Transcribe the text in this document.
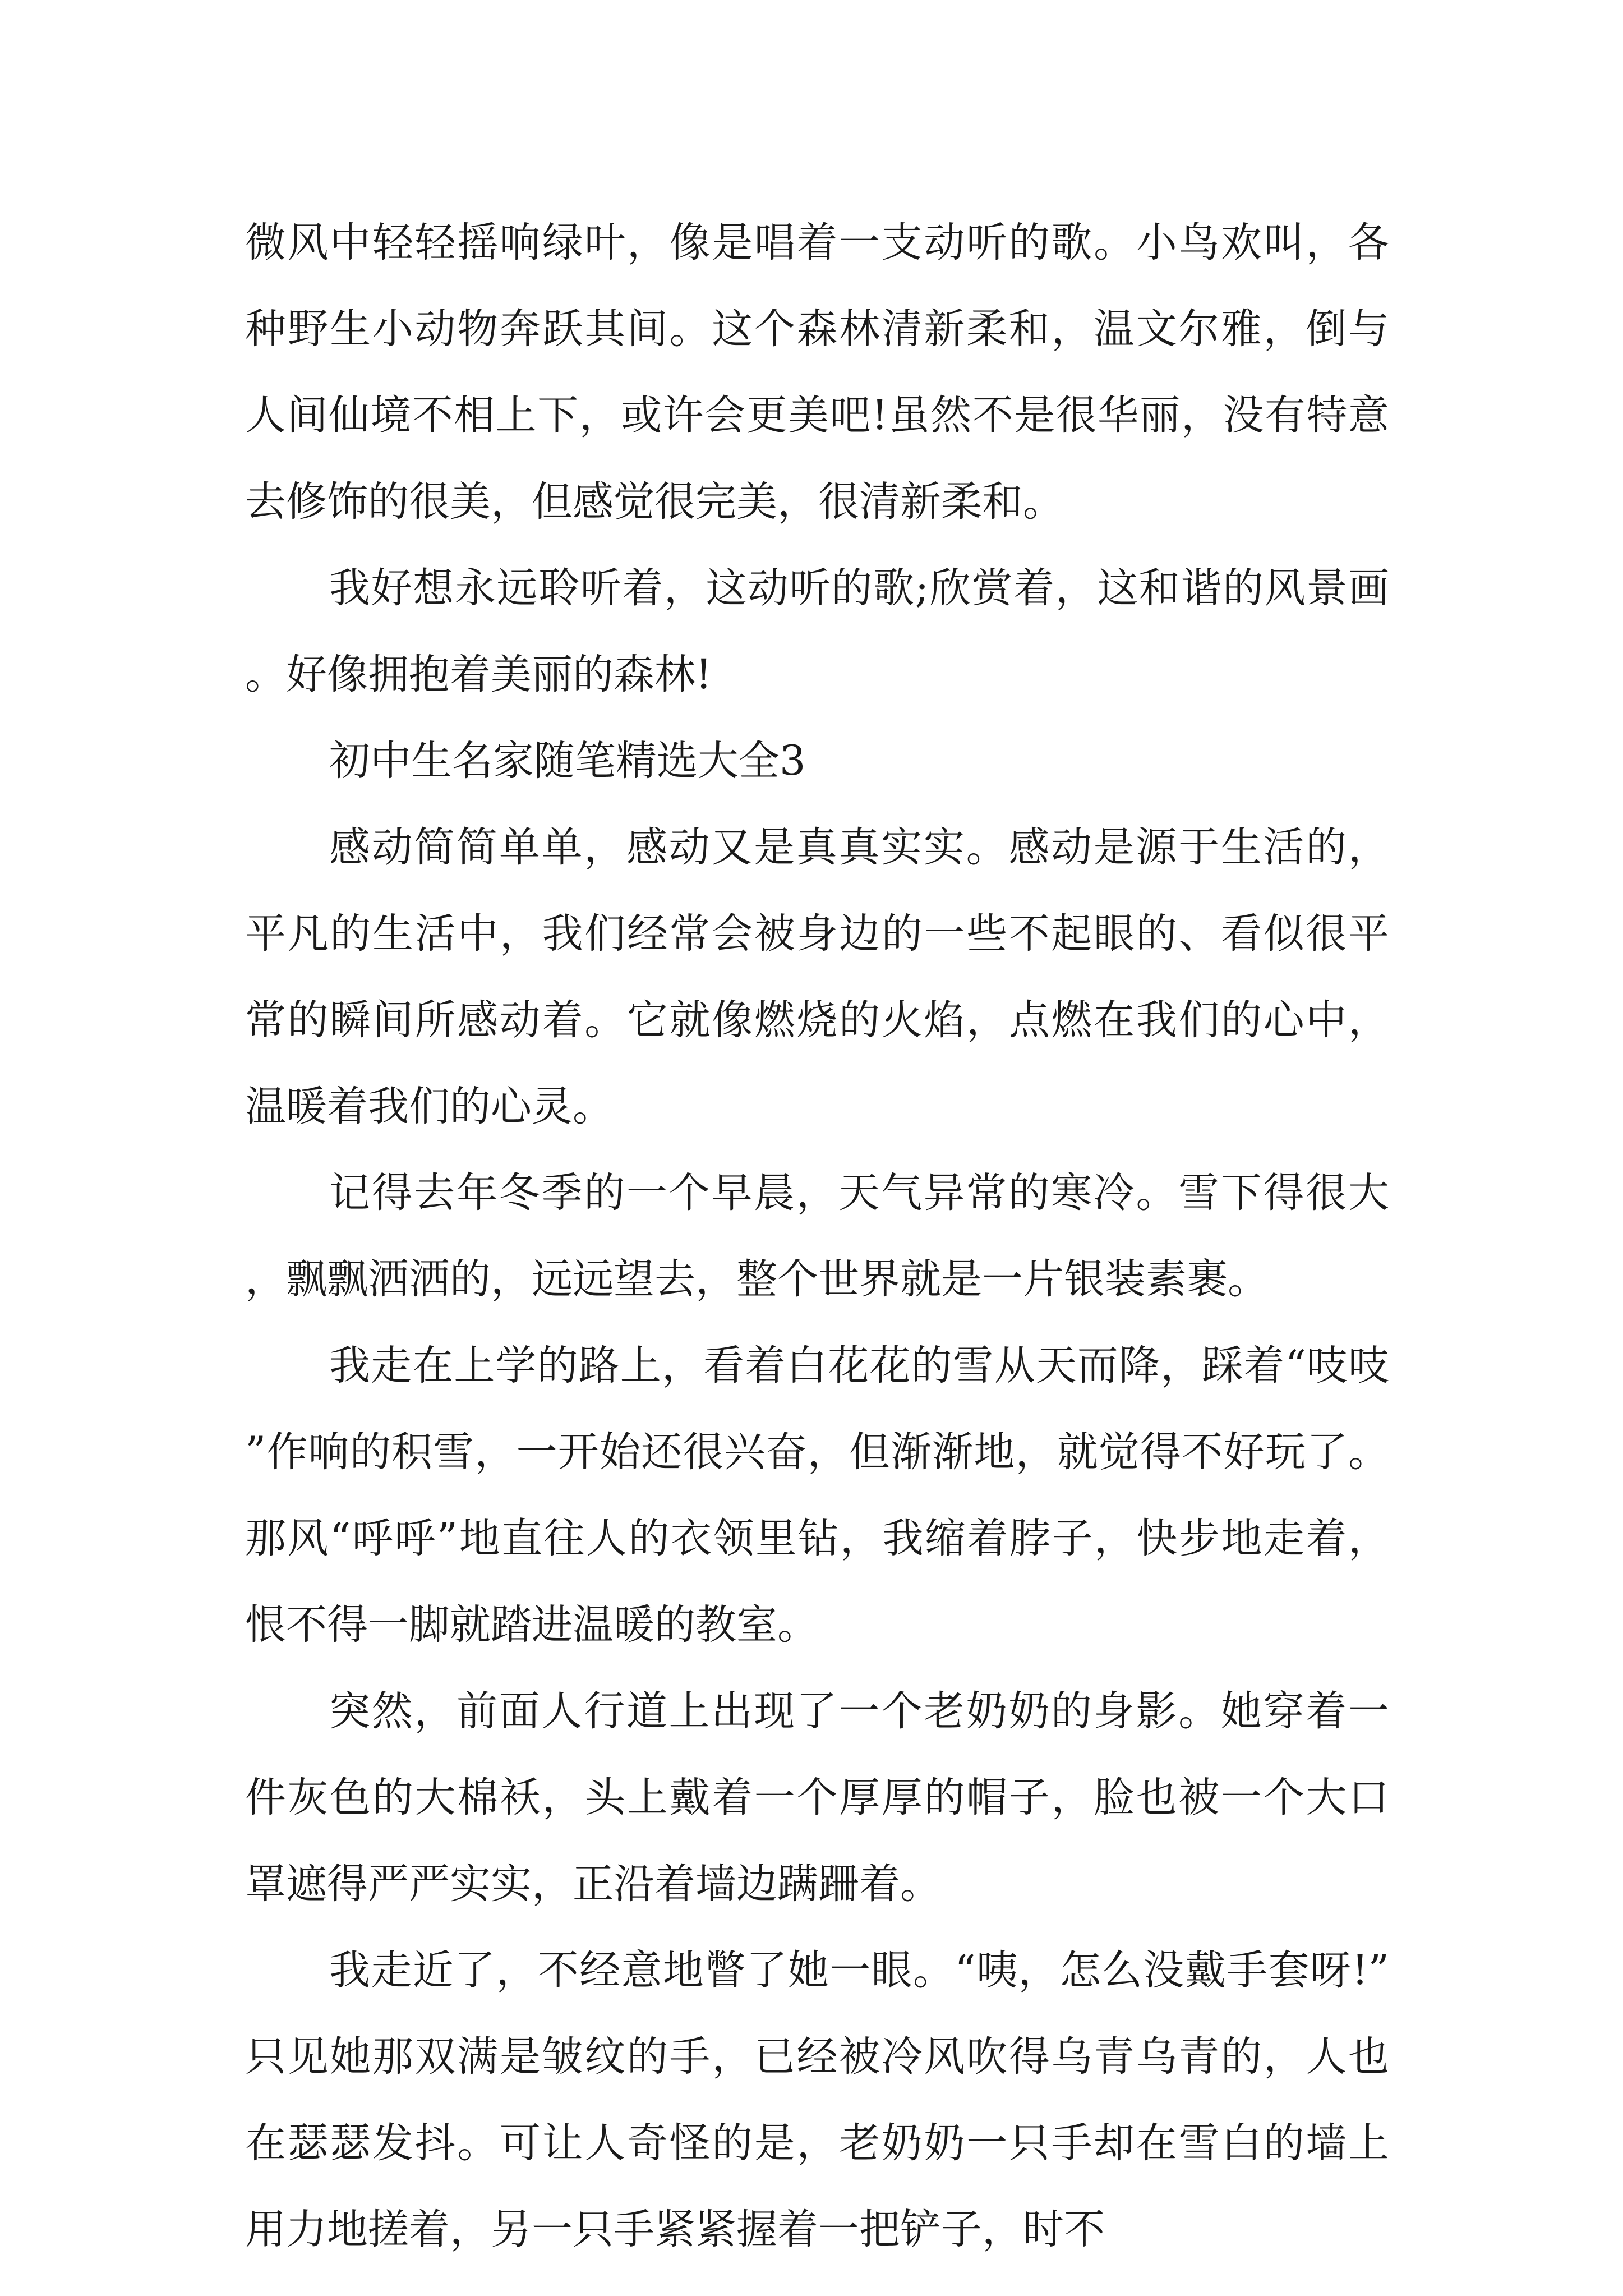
微风中轻轻摇响绿叶，像是唱着一支动听的歌。小鸟欢叫，各种野生小动物奔跃其间。这个森林清新柔和，温文尔雅，倒与人间仙境不相上下，或许会更美吧!虽然不是很华丽，没有特意去修饰的很美，但感觉很完美，很清新柔和。

我好想永远聆听着，这动听的歌;欣赏着，这和谐的风景画。好像拥抱着美丽的森林!

初中生名家随笔精选大全3

感动简简单单，感动又是真真实实。感动是源于生活的，平凡的生活中，我们经常会被身边的一些不起眼的、看似很平常的瞬间所感动着。它就像燃烧的火焰，点燃在我们的心中，温暖着我们的心灵。

记得去年冬季的一个早晨，天气异常的寒冷。雪下得很大，飘飘洒洒的，远远望去，整个世界就是一片银装素裹。

我走在上学的路上，看着白花花的雪从天而降，踩着“吱吱”作响的积雪，一开始还很兴奋，但渐渐地，就觉得不好玩了。那风“呼呼”地直往人的衣领里钻，我缩着脖子，快步地走着，恨不得一脚就踏进温暖的教室。

突然，前面人行道上出现了一个老奶奶的身影。她穿着一件灰色的大棉袄，头上戴着一个厚厚的帽子，脸也被一个大口罩遮得严严实实，正沿着墙边蹒跚着。

我走近了，不经意地瞥了她一眼。“咦，怎么没戴手套呀!”只见她那双满是皱纹的手，已经被冷风吹得乌青乌青的，人也在瑟瑟发抖。可让人奇怪的是，老奶奶一只手却在雪白的墙上用力地搓着，另一只手紧紧握着一把铲子，时不
